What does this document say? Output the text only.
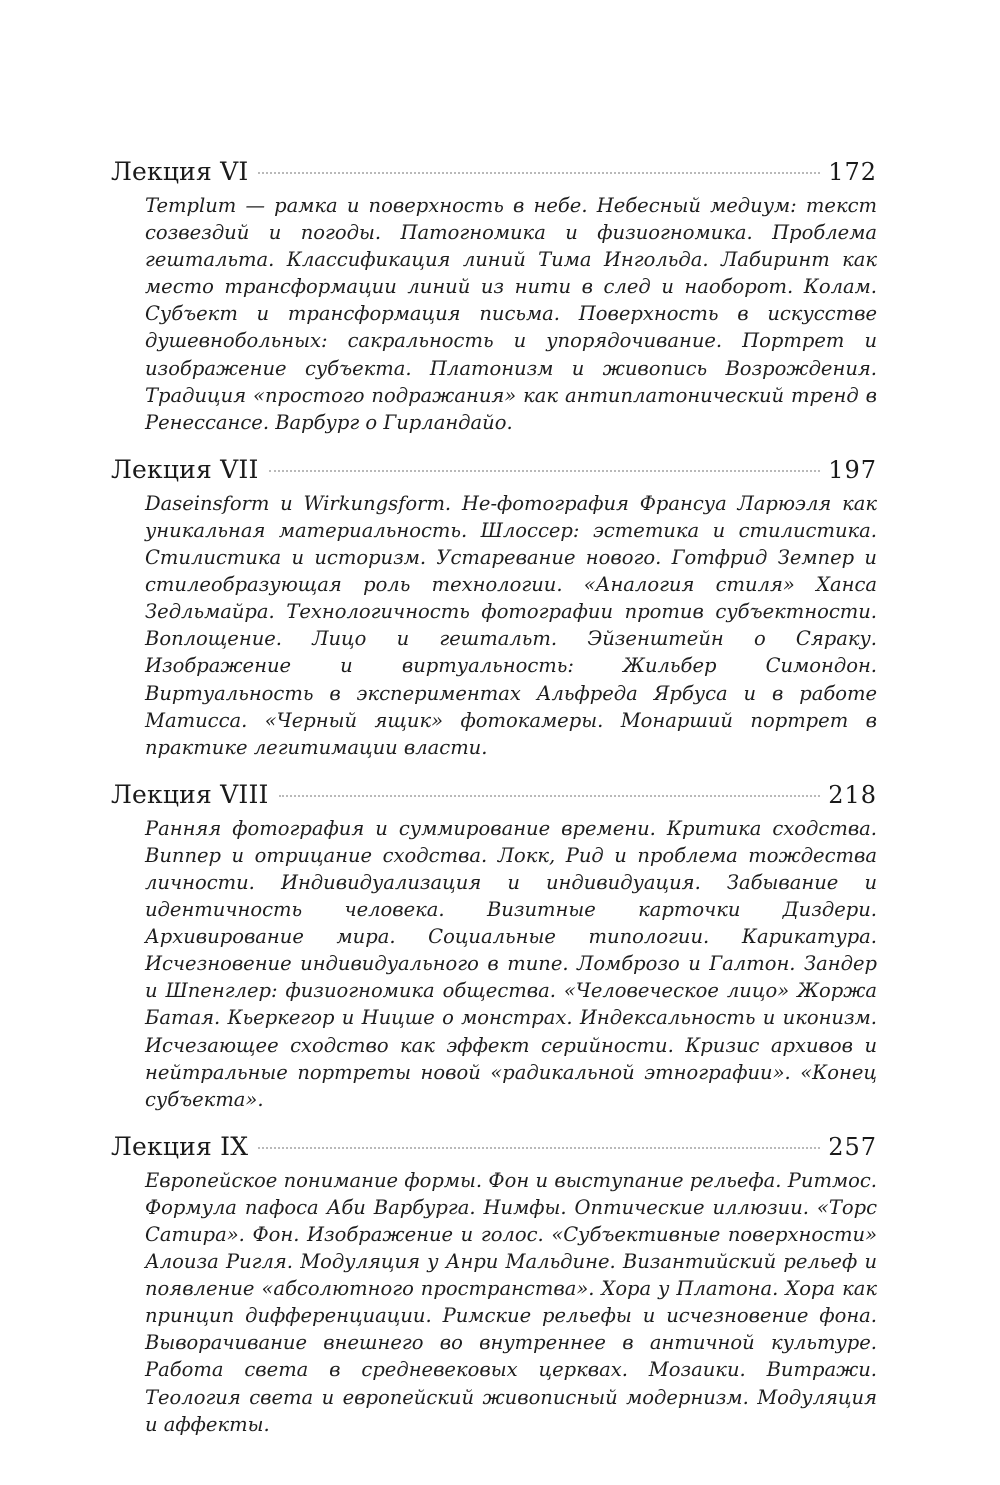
Лекция VI	172

Templum — рамка и поверхность в небе. Небесный медиум: текст созвездий и погоды. Патогномика и физиогномика. Проблема гештальта. Классификация линий Тима Ингольда. Лабиринт как место трансформации линий из нити в след и наоборот. Колам. Субъект и трансформация письма. Поверхность в искусстве душевнобольных: сакральность и упорядочивание. Портрет и изображение субъекта. Платонизм и живопись Возрождения. Традиция «простого подражания» как антиплатонический тренд в Ренессансе. Варбург о Гирландайо.

Лекция VII	197

Daseinsform и Wirkungsform. Не-фотография Франсуа Ларюэля как уникальная материальность. Шлоссер: эстетика и стилистика. Стилистика и историзм. Устаревание нового. Готфрид Земпер и стилеобразующая роль технологии. «Аналогия стиля» Ханса Зедльмайра. Технологичность фотографии против субъектности. Воплощение. Лицо и гештальт. Эйзенштейн о Сяраку. Изображение и виртуальность: Жильбер Симондон. Виртуальность в экспериментах Альфреда Ярбуса и в работе Матисса. «Черный ящик» фотокамеры. Монарший портрет в практике легитимации власти.

Лекция VIII	218

Ранняя фотография и суммирование времени. Критика сходства. Виппер и отрицание сходства. Локк, Рид и проблема тождества личности. Индивидуализация и индивидуация. Забывание и идентичность человека. Визитные карточки Диздери. Архивирование мира. Социальные типологии. Карикатура. Исчезновение индивидуального в типе. Ломброзо и Галтон. Зандер и Шпенглер: физиогномика общества. «Человеческое лицо» Жоржа Батая. Кьеркегор и Ницше о монстрах. Индексальность и иконизм. Исчезающее сходство как эффект серийности. Кризис архивов и нейтральные портреты новой «радикальной этнографии». «Конец субъекта».

Лекция IX	257

Европейское понимание формы. Фон и выступание рельефа. Ритмос. Формула пафоса Аби Варбурга. Нимфы. Оптические иллюзии. «Торс Сатира». Фон. Изображение и голос. «Субъективные поверхности» Алоиза Ригля. Модуляция у Анри Мальдине. Византийский рельеф и появление «абсолютного пространства». Хора у Платона. Хора как принцип дифференциации. Римские рельефы и исчезновение фона. Выворачивание внешнего во внутреннее в античной культуре. Работа света в средневековых церквах. Мозаики. Витражи. Теология света и европейский живописный модернизм. Модуляция и аффекты.
